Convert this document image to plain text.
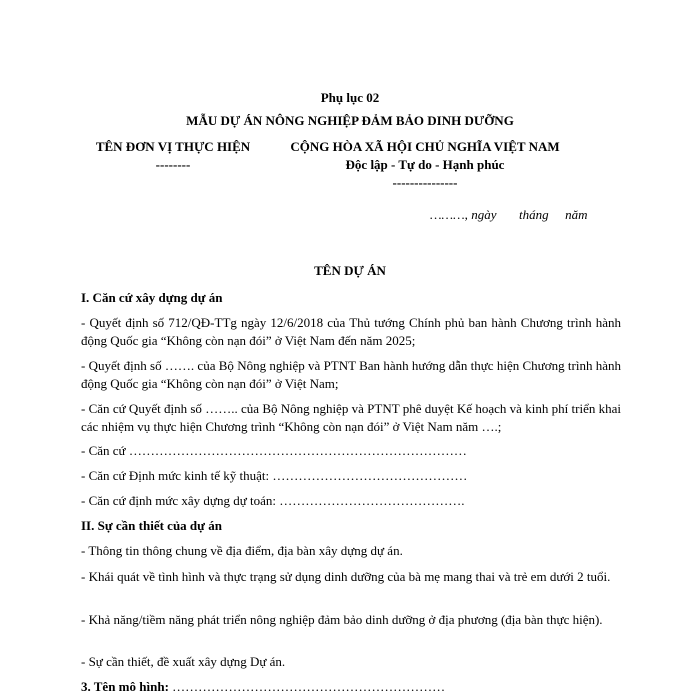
Phụ lục 02
MẪU DỰ ÁN NÔNG NGHIỆP ĐẢM BẢO DINH DƯỠNG
TÊN ĐƠN VỊ THỰC HIỆN
--------
CỘNG HÒA XÃ HỘI CHỦ NGHĨA VIỆT NAM
Độc lập - Tự do - Hạnh phúc
---------------
………, ngày tháng năm
TÊN DỰ ÁN
I. Căn cứ xây dựng dự án
- Quyết định số 712/QĐ-TTg ngày 12/6/2018 của Thủ tướng Chính phủ ban hành Chương trình hành động Quốc gia “Không còn nạn đói” ở Việt Nam đến năm 2025;
- Quyết định số ……. của Bộ Nông nghiệp và PTNT Ban hành hướng dẫn thực hiện Chương trình hành động Quốc gia “Không còn nạn đói” ở Việt Nam;
- Căn cứ Quyết định số …….. của Bộ Nông nghiệp và PTNT phê duyệt Kế hoạch và kinh phí triển khai các nhiệm vụ thực hiện Chương trình “Không còn nạn đói” ở Việt Nam năm ….;
- Căn cứ ……………………………………………………………………
- Căn cứ Định mức kinh tế kỹ thuật: ………………………………………
- Căn cứ định mức xây dựng dự toán: …………………………………….
II. Sự cần thiết của dự án
- Thông tin thông chung về địa điểm, địa bàn xây dựng dự án.
- Khái quát về tình hình và thực trạng sử dụng dinh dưỡng của bà mẹ mang thai và trẻ em dưới 2 tuổi.
- Khả năng/tiềm năng phát triển nông nghiệp đảm bảo dinh dưỡng ở địa phương (địa bàn thực hiện).
- Sự cần thiết, đề xuất xây dựng Dự án.
3. Tên mô hình: ………………………………………………………
